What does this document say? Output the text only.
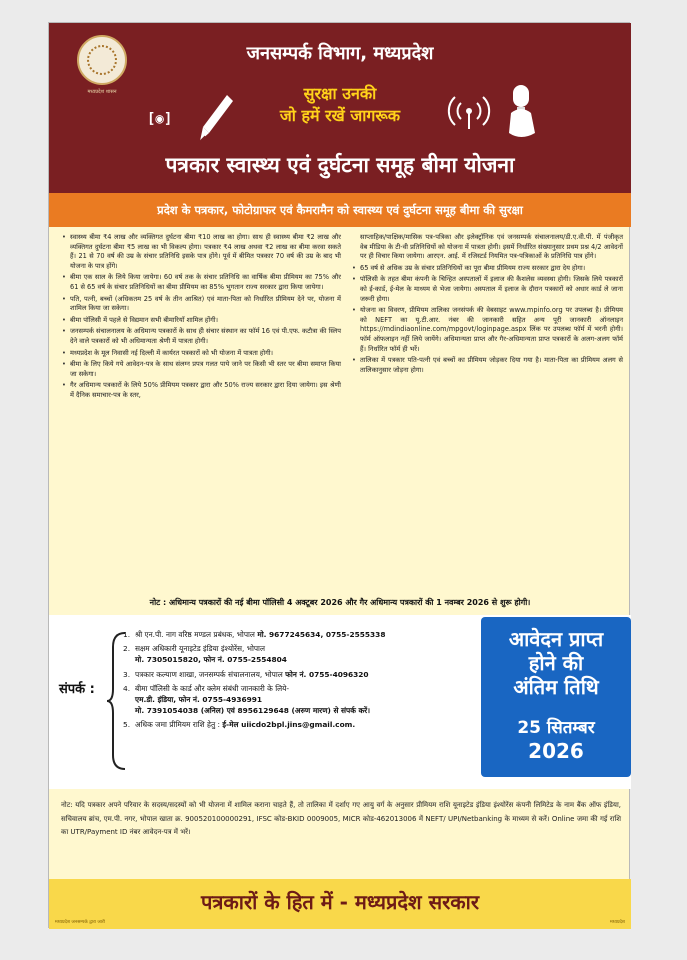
मध्यप्रदेश शासन
जनसम्पर्क विभाग, मध्यप्रदेश
सुरक्षा उनकी
जो हमें रखें जागरूक
[◉]
पत्रकार स्वास्थ्य एवं दुर्घटना समूह बीमा योजना
प्रदेश के पत्रकार, फोटोग्राफर एवं कैमरामैन को स्वास्थ्य एवं दुर्घटना समूह बीमा की सुरक्षा
• स्वास्थ्य बीमा ₹4 लाख और व्यक्तिगत दुर्घटना बीमा ₹10 लाख का होगा। साथ ही स्वास्थ्य बीमा ₹2 लाख और व्यक्तिगत दुर्घटना बीमा ₹5 लाख का भी विकल्प होगा। पत्रकार ₹4 लाख अथवा ₹2 लाख का बीमा करवा सकते हैं। 21 से 70 वर्ष की उम्र के संचार प्रतिनिधि इसके पात्र होंगे। पूर्व में बीमित पत्रकार 70 वर्ष की उम्र के बाद भी योजना के पात्र होंगे।
• बीमा एक साल के लिये किया जायेगा। 60 वर्ष तक के संचार प्रतिनिधि का वार्षिक बीमा प्रीमियम का 75% और 61 से 65 वर्ष के संचार प्रतिनिधियों का बीमा प्रीमियम का 85% भुगतान राज्य सरकार द्वारा किया जायेगा।
• पति, पत्नी, बच्चों (अधिकतम 25 वर्ष के तीन आश्रित) एवं माता-पिता को निर्धारित प्रीमियम देने पर, योजना में शामिल किया जा सकेगा।
• बीमा पॉलिसी में पहले से विद्यमान सभी बीमारियाँ शामिल होंगी।
• जनसम्पर्क संचालनालय के अधिमान्य पत्रकारों के साथ ही संचार संस्थान का फॉर्म 16 एवं पी.एफ. कटौत्रा की स्लिप देने वाले पत्रकारों को भी अधिमान्यता श्रेणी में पात्रता होगी।
• मध्यप्रदेश के मूल निवासी नई दिल्ली में कार्यरत पत्रकारों को भी योजना में पात्रता होगी।
• बीमा के लिए किये गये आवेदन-पत्र के साथ संलग्न प्रपत्र गलत पाये जाने पर किसी भी स्तर पर बीमा समाप्त किया जा सकेगा।
• गैर अधिमान्य पत्रकारों के लिये 50% प्रीमियम पत्रकार द्वारा और 50% राज्य सरकार द्वारा दिया जायेगा। इस श्रेणी में दैनिक समाचार-पत्र के स्तर,
साप्ताहिक/पाक्षिक/मासिक पत्र-पत्रिका और इलेक्ट्रॉनिक एवं जनसम्पर्क संचालनालय/डी.ए.वी.पी. में पंजीकृत वेब मीडिया के टी-वी प्रतिनिधियों को योजना में पात्रता होगी। इसमें निर्धारित संख्यानुसार प्रथम प्रश्न 4/2 आवेदनों पर ही विचार किया जायेगा। आरएन. आई. में रजिस्टर्ड नियमित पत्र-पत्रिकाओं के प्रतिनिधि पात्र होंगे।
• 65 वर्ष से अधिक उम्र के संचार प्रतिनिधियों का पूरा बीमा प्रीमियम राज्य सरकार द्वारा देय होगा।
• पॉलिसी के तहत बीमा कंपनी के चिन्हित अस्पतालों में इलाज की कैशलेस व्यवस्था होगी। जिसके लिये पत्रकारों को ई-कार्ड, ई-मेल के माध्यम से भेजा जायेगा। अस्पताल में इलाज के दौरान पत्रकारों को अधार कार्ड ले जाना जरूरी होगा।
• योजना का विवरण, प्रीमियम तालिका जनसंपर्क की वेबसाइट www.mpinfo.org पर उपलब्ध है। प्रीमियम को NEFT का यू.टी.आर. नंबर की जानकारी सहित अन्य पूरी जानकारी ऑनलाइन https://mdindiaonline.com/mpgovt/loginpage.aspx लिंक पर उपलब्ध फॉर्म में भरनी होगी। फॉर्म ऑफलाइन नहीं लिये जायेंगे। अधिमान्यता प्राप्त और गैर-अधिमान्यता प्राप्त पत्रकारों के अलग-अलग फॉर्म हैं। निर्धारित फॉर्म ही भरें।
• तालिका में पत्रकार पति-पत्नी एवं बच्चों का प्रीमियम जोड़कर दिया गया है। माता-पिता का प्रीमियम अलग से तालिकानुसार जोड़ना होगा।
नोट : अधिमान्य पत्रकारों की नई बीमा पॉलिसी 4 अक्टूबर 2026 और गैर अधिमान्य पत्रकारों की 1 नवम्बर 2026 से शुरू होगी।
संपर्क :
1. श्री एन.पी. नाग वरिष्ठ मण्डल प्रबंधक, भोपाल मो. 9677245634, 0755-2555338
2. सक्षम अधिकारी यूनाइटेड इंडिया इंश्योरेंस, भोपाल
मो. 7305015820, फोन नं. 0755-2554804
3. पत्रकार कल्याण शाखा, जनसम्पर्क संचालनालय, भोपाल फोन नं. 0755-4096320
4. बीमा पॉलिसी के कार्ड और क्लेम संबंधी जानकारी के लिये-
एम.डी. इंडिया, फोन नं. 0755-4936991
मो. 7391054038 (अनिल) एवं 8956129648 (अरुण मारण) से संपर्क करें।
5. अधिक जमा प्रीमियम राशि हेतु : ई-मेल uiicdo2bpl.jins@gmail.com.
आवेदन प्राप्त
होने की
अंतिम तिथि
25 सितम्बर
2026
नोट: यदि पत्रकार अपने परिवार के सदस्य/सदस्यों को भी योजना में शामिल कराना चाहते हैं, तो तालिका में दर्शाए गए आयु वर्ग के अनुसार प्रीमियम राशि यूनाइटेड इंडिया इंश्योरेंस कंपनी लिमिटेड के नाम बैंक ऑफ इंडिया, सचिवालय ब्रांच, एम.पी. नगर, भोपाल खाता क्र. 900520100000291, IFSC कोड-BKID 0009005, MICR कोड-462013006 में NEFT/ UPI/Netbanking के माध्यम से करें। Online जमा की गई राशि का UTR/Payment ID नंबर आवेदन-पत्र में भरें।
पत्रकारों के हित में - मध्यप्रदेश सरकार
मध्यप्रदेश जनसम्पर्क द्वारा जारी	मध्यप्रदेश
